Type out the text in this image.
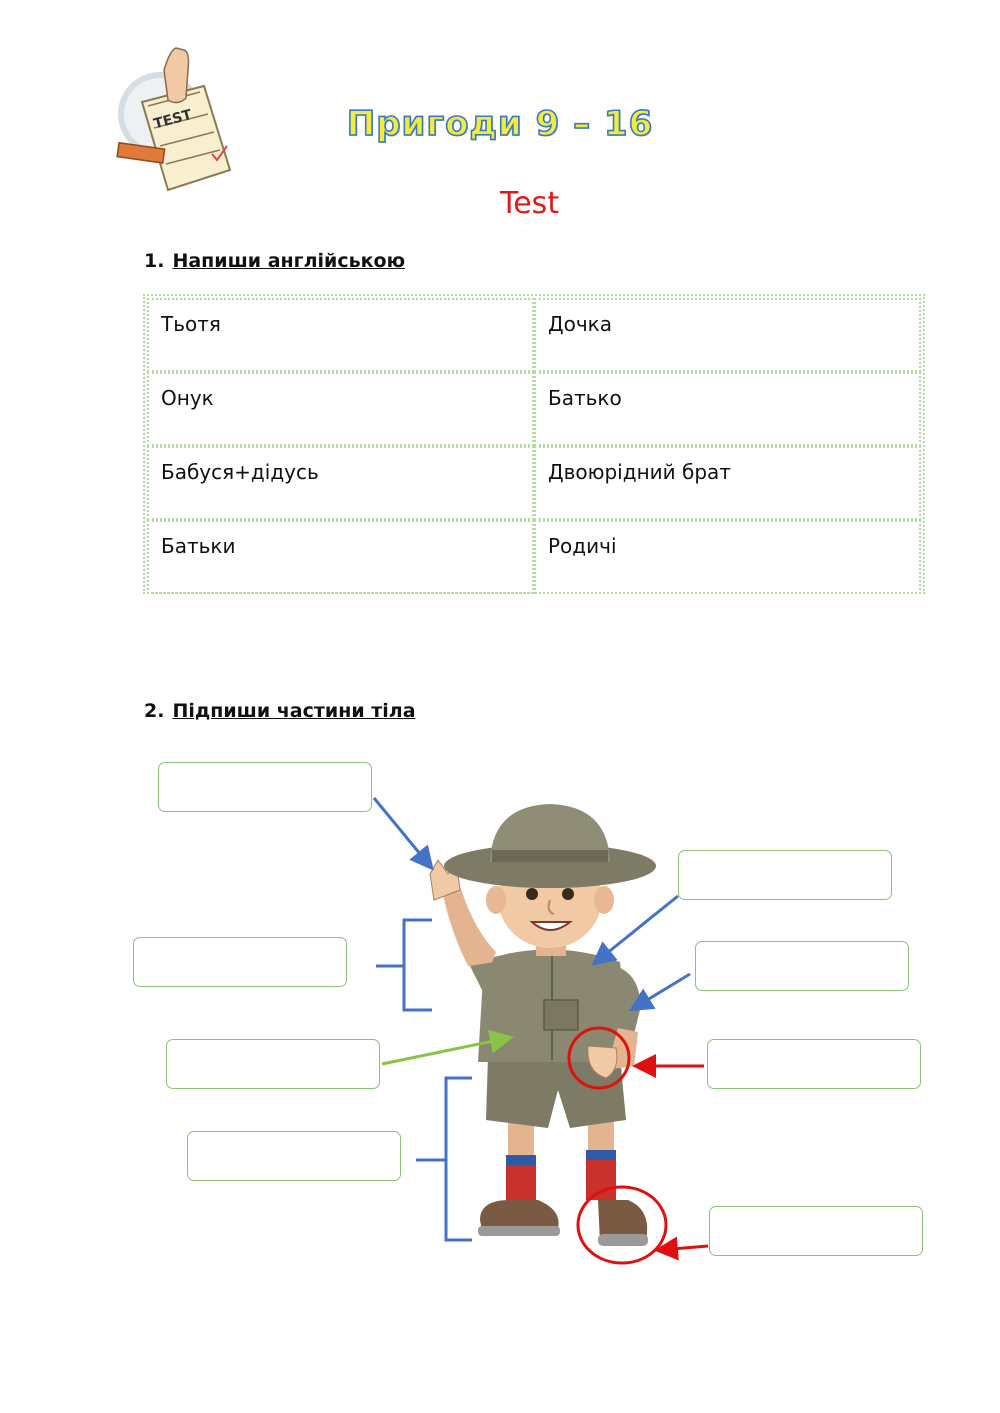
TEST	Пригоди 9 – 16
Test
1. Напиши англійською
Тьотя	Дочка
Онук	Батько
Бабуся+дідусь	Двоюрідний брат
Батьки	Родичі
2. Підпиши частини тіла
